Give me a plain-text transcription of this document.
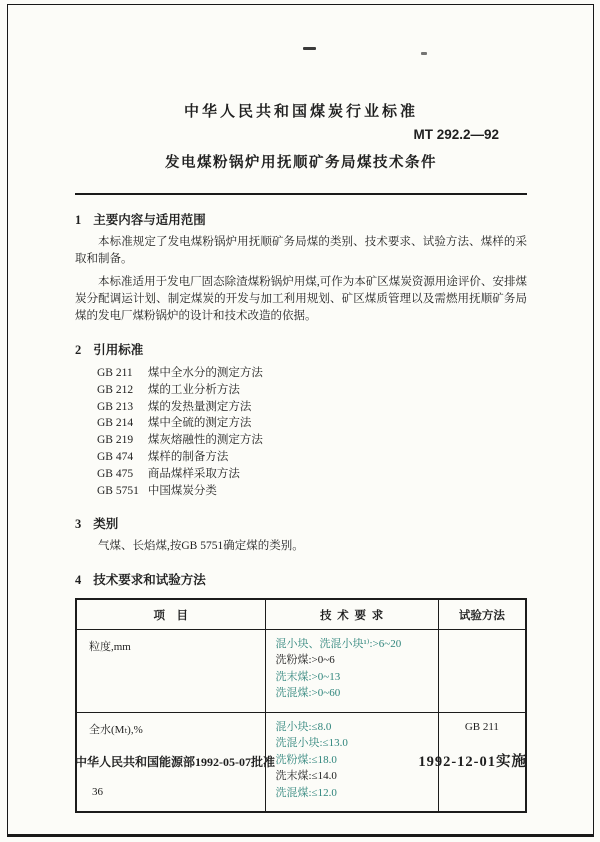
中华人民共和国煤炭行业标准
MT 292.2—92
发电煤粉锅炉用抚顺矿务局煤技术条件
1 主要内容与适用范围

本标准规定了发电煤粉锅炉用抚顺矿务局煤的类别、技术要求、试验方法、煤样的采取和制备。

本标准适用于发电厂固态除渣煤粉锅炉用煤,可作为本矿区煤炭资源用途评价、安排煤炭分配调运计划、制定煤炭的开发与加工利用规划、矿区煤质管理以及需燃用抚顺矿务局煤的发电厂煤粉锅炉的设计和技术改造的依据。

2 引用标准
GB 211 煤中全水分的测定方法
GB 212 煤的工业分析方法
GB 213 煤的发热量测定方法
GB 214 煤中全硫的测定方法
GB 219 煤灰熔融性的测定方法
GB 474 煤样的制备方法
GB 475 商品煤样采取方法
GB 5751 中国煤炭分类
3 类别

气煤、长焰煤,按GB 5751确定煤的类别。

4 技术要求和试验方法
项    目	技  术  要  求	试验方法
粒度,mm	混小块、洗混小块¹⁾:>6~20
洗粉煤:>0~6
洗末煤:>0~13
洗混煤:>0~60	

全水(Mₜ),%	混小块:≤8.0
洗混小块:≤13.0
洗粉煤:≤18.0
洗末煤:≤14.0
洗混煤:≤12.0	GB 211
中华人民共和国能源部1992-05-07批准	1992-12-01实施
36
